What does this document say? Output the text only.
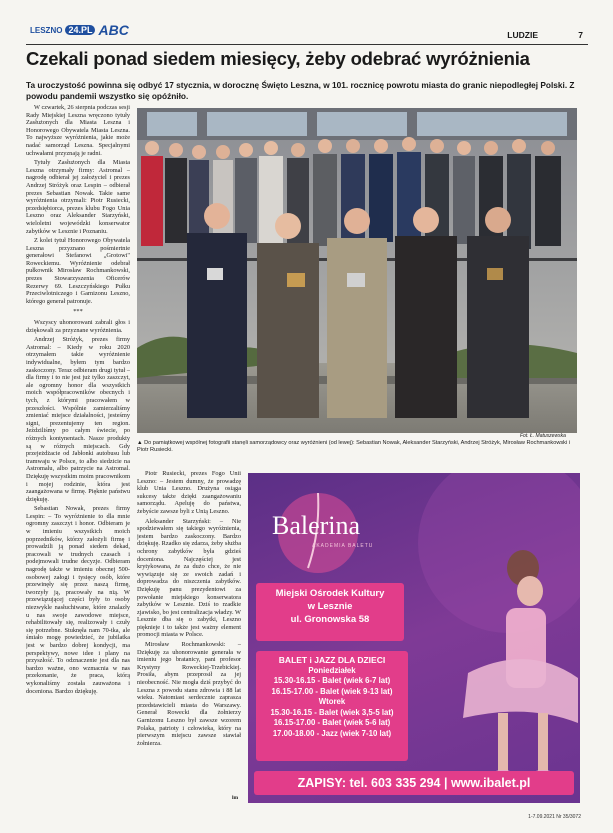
LESZNO 24.PL ABC	LUDZIE	7
Czekali ponad siedem miesięcy, żeby odebrać wyróżnienia
Ta uroczystość powinna się odbyć 17 stycznia, w dorocznę Święto Leszna, w 101. rocznicę powrotu miasta do granic niepodległej Polski. Z powodu pandemii wszystko się opóźniło.

W czwartek, 26 sierpnia podczas sesji Rady Miejskiej Leszna wręczono tytuły Zasłużonych dla Miasta Leszna i Honorowego Obywatela Miasta Leszna. To najwyższe wyróżnienia, jakie może nadać samorząd Leszna. Specjalnymi uchwałami przyznają je radni.

Tytuły Zasłużonych dla Miasta Leszna otrzymały firmy: Astromal – nagrodę odbierał jej założyciel i prezes Andrzej Stróżyk oraz Lespin – odbierał prezes Sebastian Nowak. Takie same wyróżnienia otrzymali: Piotr Rusiecki, przedsiębiorca, prezes klubu Fogo Unia Leszno oraz Aleksander Starzyński, wieloletni wojewódzki konserwator zabytków w Lesznie i Poznaniu.

Z kolei tytuł Honorowego Obywatela Leszna przyznano pośmiertnie generałowi Stefanowi „Grotowi" Roweckiemu. Wyróżnienie odebrał pułkownik Mirosław Rochmankowski, prezes Stowarzyszenia Oficerów Rezerwy 69. Leszczyńskiego Pułku Przeciwlotniczego i Garnizonu Leszno, którego generał patronuje.

***

Wszyscy uhonorowani zabrali głos i dziękowali za przyznane wyróżnienia.

Andrzej Stróżyk, prezes firmy Astromal: – Kiedy w roku 2020 otrzymałem takie wyróżnienie indywidualne, byłem tym bardzo zaskoczony. Teraz odbieram drugi tytuł – dla firmy i to nie jest już tylko zaszczyt, ale ogromny honor dla wszystkich moich współpracowników obecnych i tych, z którymi pracowałem w przeszłości. Wspólnie zamierzaliśmy zmieniać miejsce działalności, jesteśmy signi, prezentujemy ten region. Jeździliśmy po całym świecie, po różnych kontynentach. Nasze produkty są w różnych miejscach. Gdy przejeżdżacie od Jabłonki autobusu lub tramwaju w Polsce, to albo siedzicie na Astromalu, albo patrzycie na Astromal. Dziękuję wszystkim moim pracownikom i mojej rodzinie, która jest zaangażowana w firmę. Pięknie państwu dziękuję.

Sebastian Nowak, prezes firmy Lespin: – To wyróżnienie to dla mnie ogromny zaszczyt i honor. Odbieram je w imieniu wszystkich moich poprzedników, którzy założyli firmę i prowadzili ją ponad siedem dekad, pracowali w trudnych czasach i podejmowali trudne decyzje. Odbieram nagrodę także w imieniu obecnej 500-osobowej załogi i tysięcy osób, które przewinęły się przez naszą firmę, tworzyły ją, pracowały na nią. W przewiązującej części były to osoby niezwykle nasłuchiwane, które znalazły u nas swoje zawodowe miejsce, rehabilitowały się, realizowały i czuły się potrzebne. Stuknęła nam 70-tka, ale śmiało mogę powiedzieć, że jubilatka jest w bardzo dobrej kondycji, ma perspektywy, nowe idee i plany na przyszłość. To odznaczenie jest dla nas bardzo ważne, ono wzmacnia w nas przekonanie, że praca, którą wykonaliśmy została zauważona i doceniona. Bardzo dziękuję.

Fot. Ł. Matuszewska
▲ Do pamiątkowej wspólnej fotografii stanęli samorządowcy oraz wyróżnieni (od lewej): Sebastian Nowak, Aleksander Starzyński, Andrzej Stróżyk, Mirosław Rochmankowski i Piotr Rusiecki.

Piotr Rusiecki, prezes Fogo Unii Leszno: – Jestem dumny, że prowadzę klub Unia Leszno. Drużyna osiąga sukcesy także dzięki zaangażowaniu samorządu. Apeluję do państwa, żebyście zawsze byli z Unią Leszno.

Aleksander Starzyński: – Nie spodziewałem się takiego wyróżnienia, jestem bardzo zaskoczony. Bardzo dziękuję. Rzadko się zdarza, żeby służba ochrony zabytków była gdzieś doceniona. Najczęściej jest krytykowana, że za dużo chce, że nie wywiązuje się ze swoich zadań i doprowadza do niszczenia zabytków. Dziękuję panu prezydentowi za powołanie miejskiego konserwatora zabytków w Lesznie. Dziś to rzadkie zjawisko, bo jest centralizacja władzy. W Lesznie dba się o zabytki, Leszno pięknieje i to także jest ważny element promocji miasta w Polsce.

Mirosław Rochmankowski: – Dziękuję za uhonorowanie generała w imieniu jego bratanicy, pani profesor Krystyny Roweckiej-Trzebickiej. Prosiła, abym przeprosił za jej nieobecność. Nie mogła dziś przybyć do Leszna z powodu stanu zdrowia i 88 lat wieku. Natomiast serdecznie zaprasza przedstawicieli miasta do Warszawy. Generał Rowecki dla żołnierzy Garnizonu Leszno był zawsze wzorem Polaka, patrioty i człowieka, który na pierwszym miejscu zawsze stawiał żołnierza.

lm
Balerina
AKADEMIA BALETU
Miejski Ośrodek Kultury
w Lesznie
ul. Gronowska 58
BALET i JAZZ DLA DZIECI
Poniedziałek
15.30-16.15 - Balet (wiek 6-7 lat)
16.15-17.00 - Balet (wiek 9-13 lat)
Wtorek
15.30-16.15 - Balet (wiek 3,5-5 lat)
16.15-17.00 - Balet (wiek 5-6 lat)
17.00-18.00 - Jazz (wiek 7-10 lat)
ZAPISY: tel. 603 335 294 | www.ibalet.pl
1-7.09.2021 Nr 35/3072
